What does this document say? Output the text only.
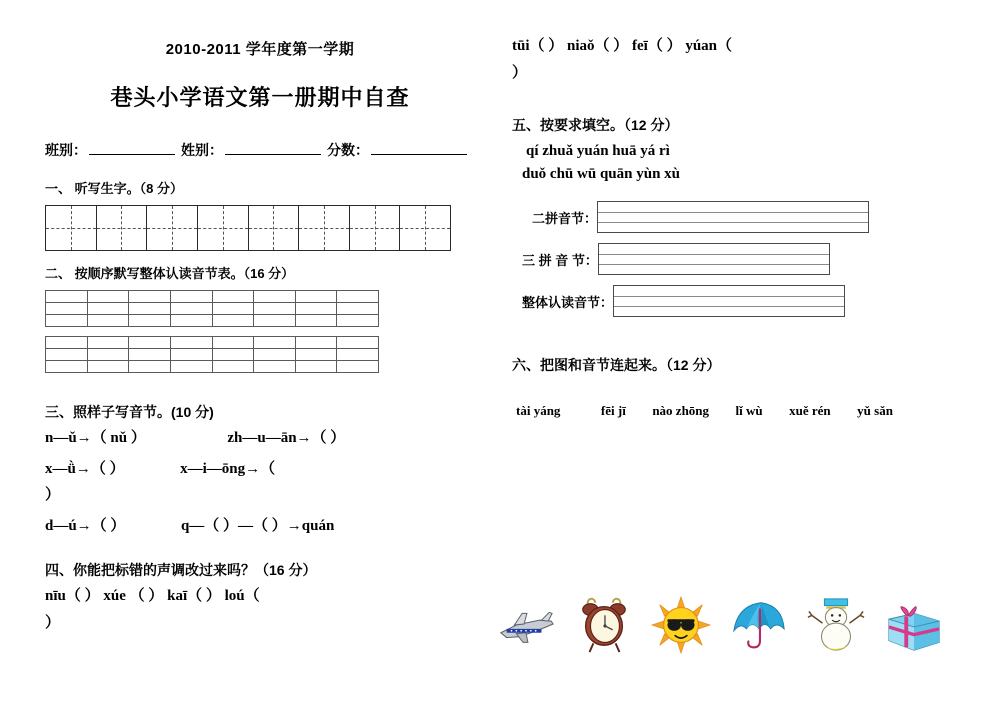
2010-2011 学年度第一学期
巷头小学语文第一册期中自查
班别：	姓别：	分数：
一、 听写生字。（8 分）
二、 按顺序默写整体认读音节表。（16 分）

三、照样子写音节。(10 分)
n—ǔ→（ nǔ ）	zh—u—ān→（ ）
x—ǜ→（ ）	x—i—ōng→（
）
d—ú→（ ）	q—（ ）—（ ）→quán
四、你能把标错的声调改过来吗？（16 分）
nīu（ ） xúe （ ） kaī（ ） loú（
）
tūi（ ） niaǒ（ ） feī（ ） yúan（
）
五、按要求填空。（12 分）
qí zhuǎ yuán huā yá rì
duǒ chū wū quān yùn xù
二拼音节：
三 拼 音 节：
整体认读音节：
六、把图和音节连起来。（12 分）
tài yáng	fēi jī nào zhōng lǐ wù xuě rén yǔ sǎn
